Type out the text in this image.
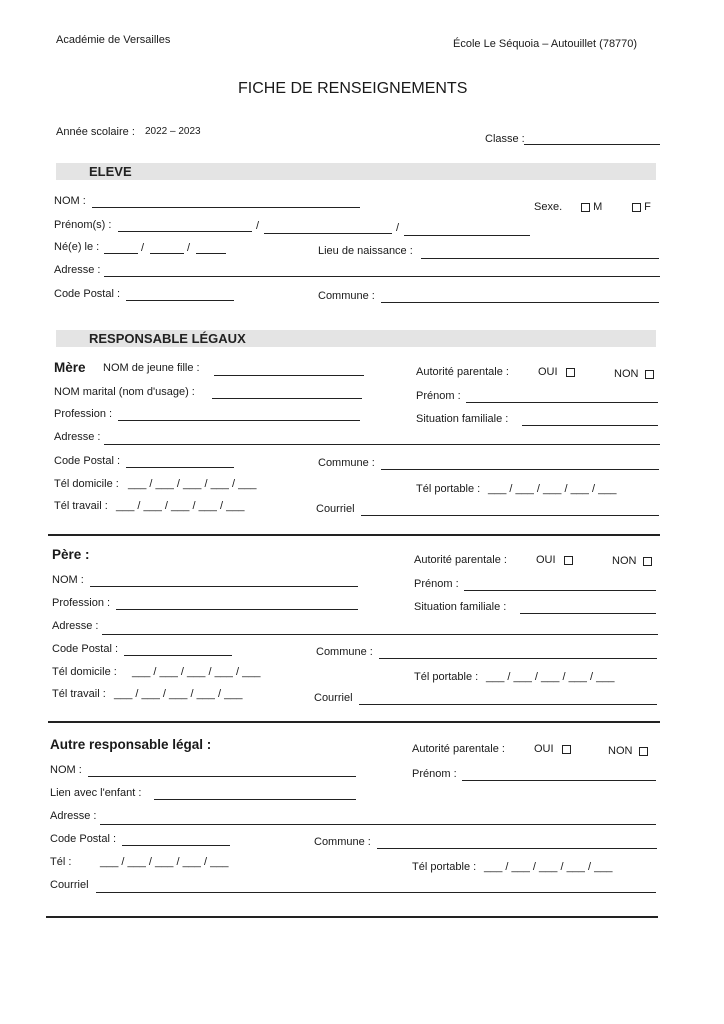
Académie de Versailles	École Le Séquoia – Autouillet (78770)
FICHE DE RENSEIGNEMENTS
Année scolaire : 2022 – 2023
Classe :
ELEVE
NOM :	Sexe.	M	F
Prénom(s) :	/	/
Né(e) le :	/	/	Lieu de naissance :
Adresse :
Code Postal :	Commune :
RESPONSABLE LÉGAUX
Mère NOM de jeune fille :	Autorité parentale :	OUI	NON
NOM marital (nom d'usage) :	Prénom :
Profession :	Situation familiale :
Adresse :
Code Postal :	Commune :
Tél domicile : ___ / ___ / ___ / ___ / ___	Tél portable : ___ / ___ / ___ / ___ / ___
Tél travail : ___ / ___ / ___ / ___ / ___	Courriel
Père :	Autorité parentale :	OUI	NON
NOM :	Prénom :
Profession :	Situation familiale :
Adresse :
Code Postal :	Commune :
Tél domicile : ___ / ___ / ___ / ___ / ___	Tél portable : ___ / ___ / ___ / ___ / ___
Tél travail : ___ / ___ / ___ / ___ / ___	Courriel
Autre responsable légal :	Autorité parentale :	OUI	NON
NOM :	Prénom :
Lien avec l'enfant :
Adresse :
Code Postal :	Commune :
Tél :	___ / ___ / ___ / ___ / ___	Tél portable : ___ / ___ / ___ / ___ / ___
Courriel
